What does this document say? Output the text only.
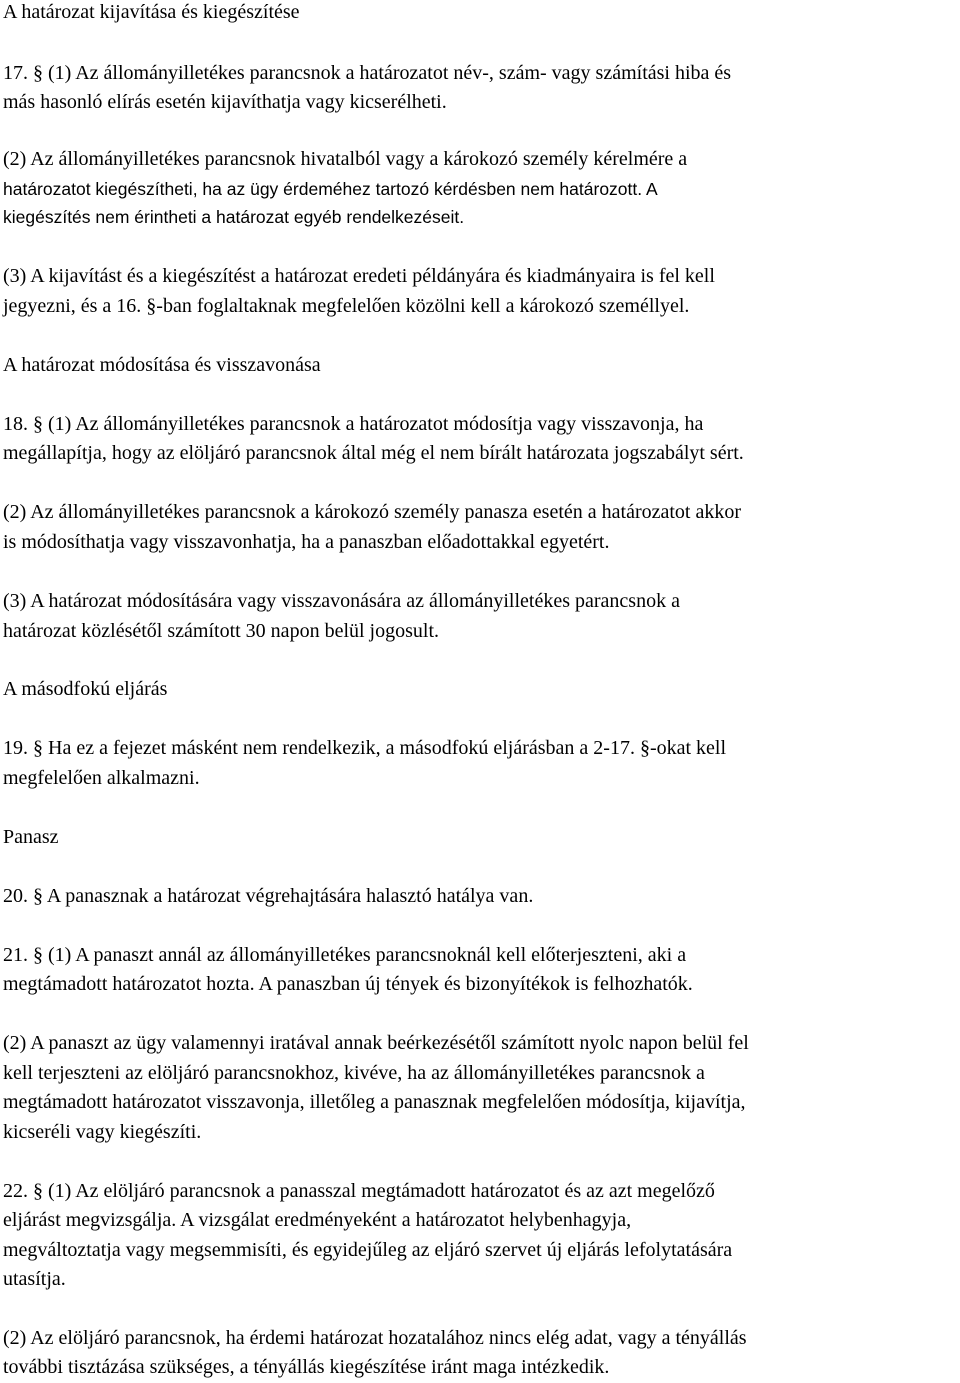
A határozat kijavítása és kiegészítése
17. § (1) Az állományilletékes parancsnok a határozatot név-, szám- vagy számítási hiba és
más hasonló elírás esetén kijavíthatja vagy kicserélheti.
(2) Az állományilletékes parancsnok hivatalból vagy a károkozó személy kérelmére a
határozatot kiegészítheti, ha az ügy érdeméhez tartozó kérdésben nem határozott. A
kiegészítés nem érintheti a határozat egyéb rendelkezéseit.
(3) A kijavítást és a kiegészítést a határozat eredeti példányára és kiadmányaira is fel kell
jegyezni, és a 16. §-ban foglaltaknak megfelelően közölni kell a károkozó személlyel.
A határozat módosítása és visszavonása
18. § (1) Az állományilletékes parancsnok a határozatot módosítja vagy visszavonja, ha
megállapítja, hogy az elöljáró parancsnok által még el nem bírált határozata jogszabályt sért.
(2) Az állományilletékes parancsnok a károkozó személy panasza esetén a határozatot akkor
is módosíthatja vagy visszavonhatja, ha a panaszban előadottakkal egyetért.
(3) A határozat módosítására vagy visszavonására az állományilletékes parancsnok a
határozat közlésétől számított 30 napon belül jogosult.
A másodfokú eljárás
19. § Ha ez a fejezet másként nem rendelkezik, a másodfokú eljárásban a 2-17. §-okat kell
megfelelően alkalmazni.
Panasz
20. § A panasznak a határozat végrehajtására halasztó hatálya van.
21. § (1) A panaszt annál az állományilletékes parancsnoknál kell előterjeszteni, aki a
megtámadott határozatot hozta. A panaszban új tények és bizonyítékok is felhozhatók.
(2) A panaszt az ügy valamennyi iratával annak beérkezésétől számított nyolc napon belül fel
kell terjeszteni az elöljáró parancsnokhoz, kivéve, ha az állományilletékes parancsnok a
megtámadott határozatot visszavonja, illetőleg a panasznak megfelelően módosítja, kijavítja,
kicseréli vagy kiegészíti.
22. § (1) Az elöljáró parancsnok a panasszal megtámadott határozatot és az azt megelőző
eljárást megvizsgálja. A vizsgálat eredményeként a határozatot helybenhagyja,
megváltoztatja vagy megsemmisíti, és egyidejűleg az eljáró szervet új eljárás lefolytatására
utasítja.
(2) Az elöljáró parancsnok, ha érdemi határozat hozatalához nincs elég adat, vagy a tényállás
további tisztázása szükséges, a tényállás kiegészítése iránt maga intézkedik.
